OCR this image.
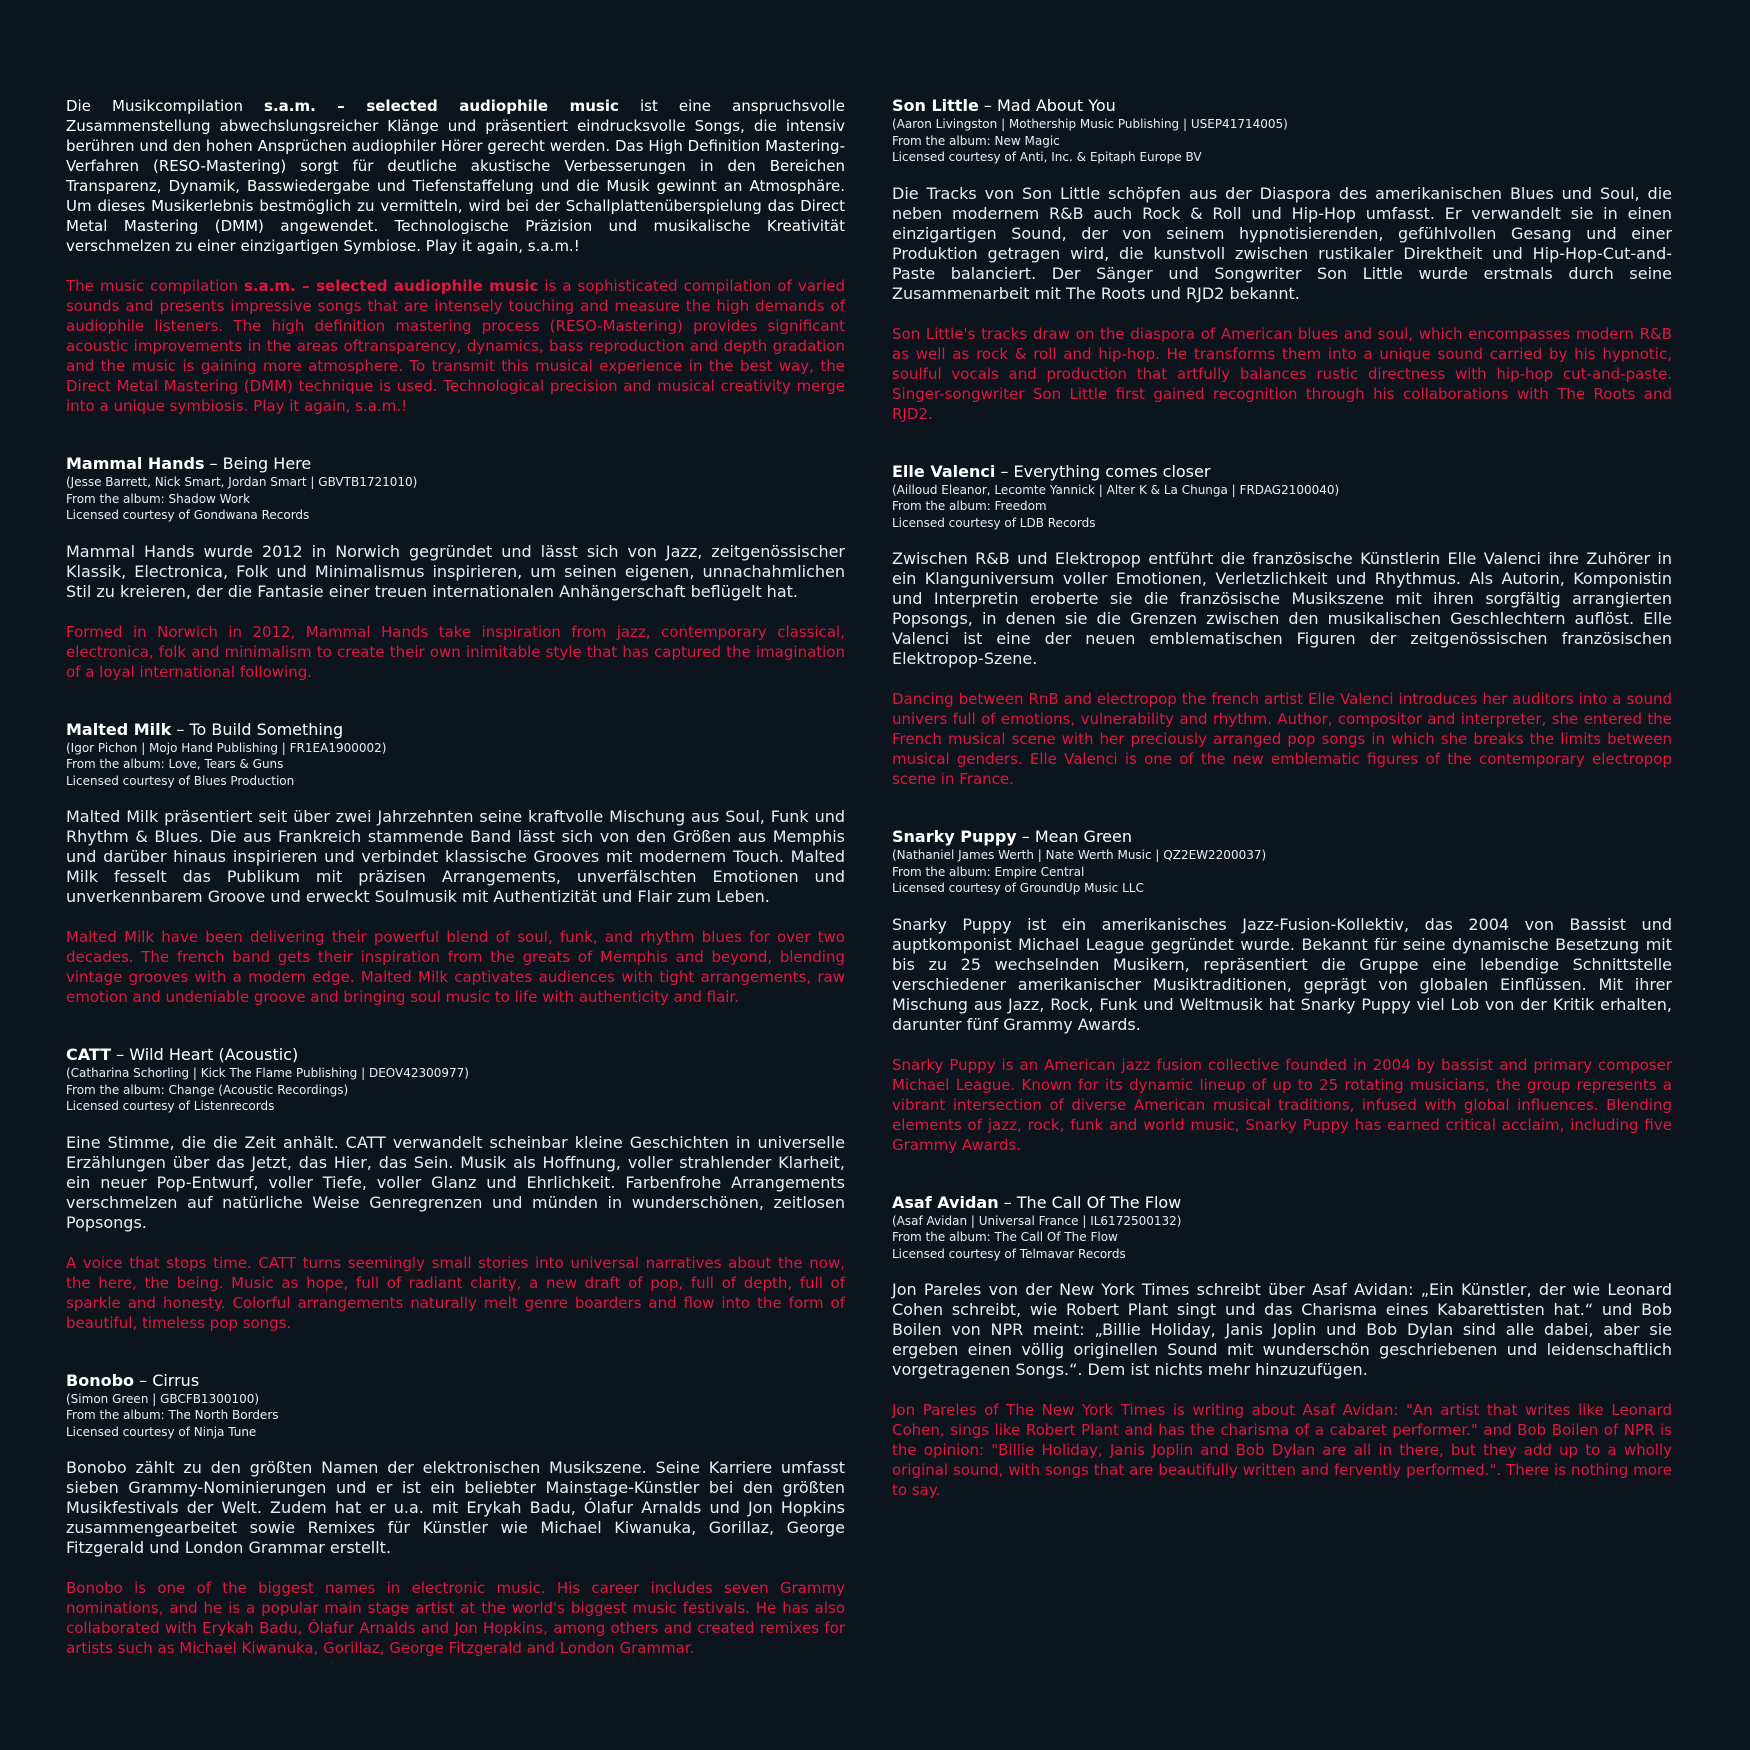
Die Musikcompilation s.a.m. – selected audiophile music ist eine anspruchsvolle Zusammenstellung abwechslungsreicher Klänge und präsentiert eindrucksvolle Songs, die intensiv berühren und den hohen Ansprüchen audiophiler Hörer gerecht werden. Das High Definition Mastering-Verfahren (RESO-Mastering) sorgt für deutliche akustische Verbesserungen in den Bereichen Transparenz, Dynamik, Basswiedergabe und Tiefenstaffelung und die Musik gewinnt an Atmosphäre. Um dieses Musikerlebnis bestmöglich zu vermitteln, wird bei der Schallplattenüberspielung das Direct Metal Mastering (DMM) angewendet. Technologische Präzision und musikalische Kreativität verschmelzen zu einer einzigartigen Symbiose. Play it again, s.a.m.!

The music compilation s.a.m. – selected audiophile music is a sophisticated compilation of varied sounds and presents impressive songs that are intensely touching and measure the high demands of audiophile listeners. The high definition mastering process (RESO-Mastering) provides significant acoustic improvements in the areas oftransparency, dynamics, bass reproduction and depth gradation and the music is gaining more atmosphere. To transmit this musical experience in the best way, the Direct Metal Mastering (DMM) technique is used. Technological precision and musical creativity merge into a unique symbiosis. Play it again, s.a.m.!

Mammal Hands – Being Here
(Jesse Barrett, Nick Smart, Jordan Smart | GBVTB1721010)
From the album: Shadow Work
Licensed courtesy of Gondwana Records

Mammal Hands wurde 2012 in Norwich gegründet und lässt sich von Jazz, zeitgenössischer Klassik, Electronica, Folk und Minimalismus inspirieren, um seinen eigenen, unnachahmlichen Stil zu kreieren, der die Fantasie einer treuen internationalen Anhängerschaft beflügelt hat.

Formed in Norwich in 2012, Mammal Hands take inspiration from jazz, contemporary classical, electronica, folk and minimalism to create their own inimitable style that has captured the imagination of a loyal international following.

Malted Milk – To Build Something
(Igor Pichon | Mojo Hand Publishing | FR1EA1900002)
From the album: Love, Tears & Guns
Licensed courtesy of Blues Production

Malted Milk präsentiert seit über zwei Jahrzehnten seine kraftvolle Mischung aus Soul, Funk und Rhythm & Blues. Die aus Frankreich stammende Band lässt sich von den Größen aus Memphis und darüber hinaus inspirieren und verbindet klassische Grooves mit modernem Touch. Malted Milk fesselt das Publikum mit präzisen Arrangements, unverfälschten Emotionen und unverkennbarem Groove und erweckt Soulmusik mit Authentizität und Flair zum Leben.

Malted Milk have been delivering their powerful blend of soul, funk, and rhythm blues for over two decades. The french band gets their inspiration from the greats of Memphis and beyond, blending vintage grooves with a modern edge. Malted Milk captivates audiences with tight arrangements, raw emotion and undeniable groove and bringing soul music to life with authenticity and flair.

CATT – Wild Heart (Acoustic)
(Catharina Schorling | Kick The Flame Publishing | DEOV42300977)
From the album: Change (Acoustic Recordings)
Licensed courtesy of Listenrecords

Eine Stimme, die die Zeit anhält. CATT verwandelt scheinbar kleine Geschichten in universelle Erzählungen über das Jetzt, das Hier, das Sein. Musik als Hoffnung, voller strahlender Klarheit, ein neuer Pop-Entwurf, voller Tiefe, voller Glanz und Ehrlichkeit. Farbenfrohe Arrangements verschmelzen auf natürliche Weise Genregrenzen und münden in wunderschönen, zeitlosen Popsongs.

A voice that stops time. CATT turns seemingly small stories into universal narratives about the now, the here, the being. Music as hope, full of radiant clarity, a new draft of pop, full of depth, full of sparkle and honesty. Colorful arrangements naturally melt genre boarders and flow into the form of beautiful, timeless pop songs.

Bonobo – Cirrus
(Simon Green | GBCFB1300100)
From the album: The North Borders
Licensed courtesy of Ninja Tune

Bonobo zählt zu den größten Namen der elektronischen Musikszene. Seine Karriere umfasst sieben Grammy-Nominierungen und er ist ein beliebter Mainstage-Künstler bei den größten Musikfestivals der Welt. Zudem hat er u.a. mit Erykah Badu, Ólafur Arnalds und Jon Hopkins zusammengearbeitet sowie Remixes für Künstler wie Michael Kiwanuka, Gorillaz, George Fitzgerald und London Grammar erstellt.

Bonobo is one of the biggest names in electronic music. His career includes seven Grammy nominations, and he is a popular main stage artist at the world's biggest music festivals. He has also collaborated with Erykah Badu, Ólafur Arnalds and Jon Hopkins, among others and created remixes for artists such as Michael Kiwanuka, Gorillaz, George Fitzgerald and London Grammar.

Son Little – Mad About You
(Aaron Livingston | Mothership Music Publishing | USEP41714005)
From the album: New Magic
Licensed courtesy of Anti, Inc. & Epitaph Europe BV

Die Tracks von Son Little schöpfen aus der Diaspora des amerikanischen Blues und Soul, die neben modernem R&B auch Rock & Roll und Hip-Hop umfasst. Er verwandelt sie in einen einzigartigen Sound, der von seinem hypnotisierenden, gefühlvollen Gesang und einer Produktion getragen wird, die kunstvoll zwischen rustikaler Direktheit und Hip-Hop-Cut-and-Paste balanciert. Der Sänger und Songwriter Son Little wurde erstmals durch seine Zusammenarbeit mit The Roots und RJD2 bekannt.

Son Little's tracks draw on the diaspora of American blues and soul, which encompasses modern R&B as well as rock & roll and hip-hop. He transforms them into a unique sound carried by his hypnotic, soulful vocals and production that artfully balances rustic directness with hip-hop cut-and-paste. Singer-songwriter Son Little first gained recognition through his collaborations with The Roots and RJD2.

Elle Valenci – Everything comes closer
(Ailloud Eleanor, Lecomte Yannick | Alter K & La Chunga | FRDAG2100040)
From the album: Freedom
Licensed courtesy of LDB Records

Zwischen R&B und Elektropop entführt die französische Künstlerin Elle Valenci ihre Zuhörer in ein Klanguniversum voller Emotionen, Verletzlichkeit und Rhythmus. Als Autorin, Komponistin und Interpretin eroberte sie die französische Musikszene mit ihren sorgfältig arrangierten Popsongs, in denen sie die Grenzen zwischen den musikalischen Geschlechtern auflöst. Elle Valenci ist eine der neuen emblematischen Figuren der zeitgenössischen französischen Elektropop-Szene.

Dancing between RnB and electropop the french artist Elle Valenci introduces her auditors into a sound univers full of emotions, vulnerability and rhythm. Author, compositor and interpreter, she entered the French musical scene with her preciously arranged pop songs in which she breaks the limits between musical genders. Elle Valenci is one of the new emblematic figures of the contemporary electropop scene in France.

Snarky Puppy – Mean Green
(Nathaniel James Werth | Nate Werth Music | QZ2EW2200037)
From the album: Empire Central
Licensed courtesy of GroundUp Music LLC

Snarky Puppy ist ein amerikanisches Jazz-Fusion-Kollektiv, das 2004 von Bassist und auptkomponist Michael League gegründet wurde. Bekannt für seine dynamische Besetzung mit bis zu 25 wechselnden Musikern, repräsentiert die Gruppe eine lebendige Schnittstelle verschiedener amerikanischer Musiktraditionen, geprägt von globalen Einflüssen. Mit ihrer Mischung aus Jazz, Rock, Funk und Weltmusik hat Snarky Puppy viel Lob von der Kritik erhalten, darunter fünf Grammy Awards.

Snarky Puppy is an American jazz fusion collective founded in 2004 by bassist and primary composer Michael League. Known for its dynamic lineup of up to 25 rotating musicians, the group represents a vibrant intersection of diverse American musical traditions, infused with global influences. Blending elements of jazz, rock, funk and world music, Snarky Puppy has earned critical acclaim, including five Grammy Awards.

Asaf Avidan – The Call Of The Flow
(Asaf Avidan | Universal France | IL6172500132)
From the album: The Call Of The Flow
Licensed courtesy of Telmavar Records

Jon Pareles von der New York Times schreibt über Asaf Avidan: „Ein Künstler, der wie Leonard Cohen schreibt, wie Robert Plant singt und das Charisma eines Kabarettisten hat.“ und Bob Boilen von NPR meint: „Billie Holiday, Janis Joplin und Bob Dylan sind alle dabei, aber sie ergeben einen völlig originellen Sound mit wunderschön geschriebenen und leidenschaftlich vorgetragenen Songs.“. Dem ist nichts mehr hinzuzufügen.

Jon Pareles of The New York Times is writing about Asaf Avidan: "An artist that writes like Leonard Cohen, sings like Robert Plant and has the charisma of a cabaret performer." and Bob Boilen of NPR is the opinion: "Billie Holiday, Janis Joplin and Bob Dylan are all in there, but they add up to a wholly original sound, with songs that are beautifully written and fervently performed.". There is nothing more to say.
